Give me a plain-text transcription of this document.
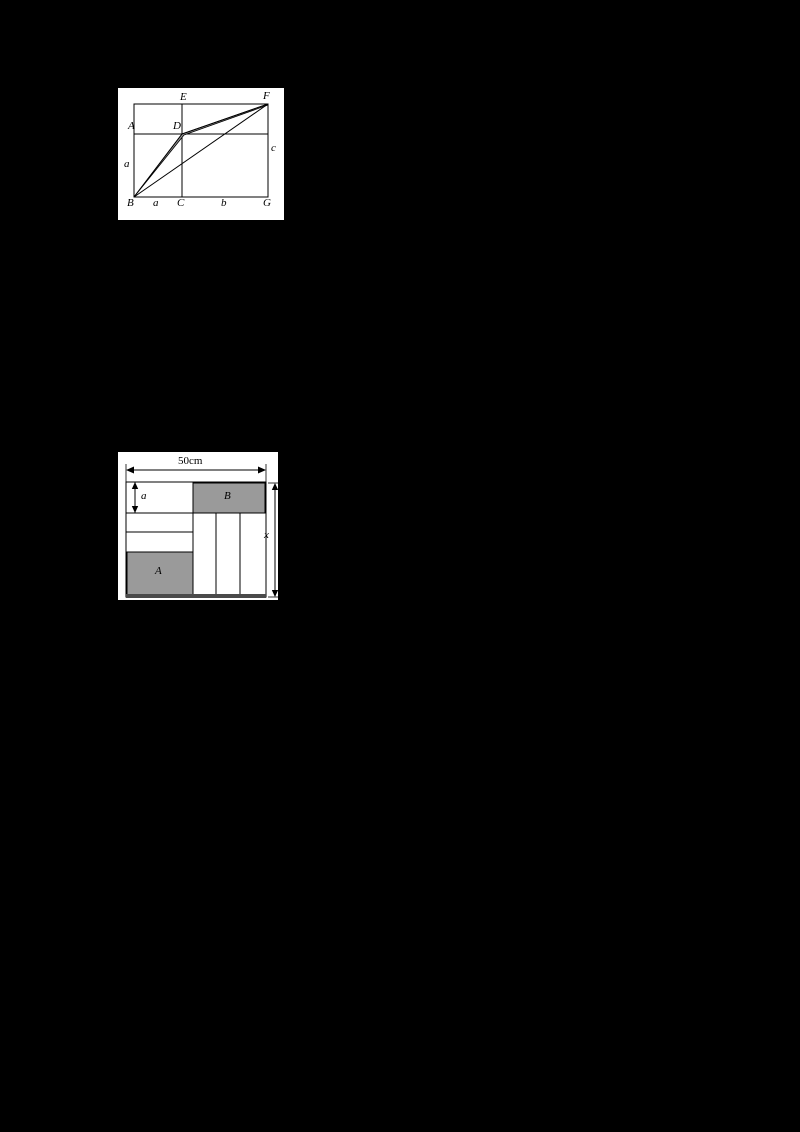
A	D
E	F
B	C	G
a
a	b
c
50cm
a
x
A
B
